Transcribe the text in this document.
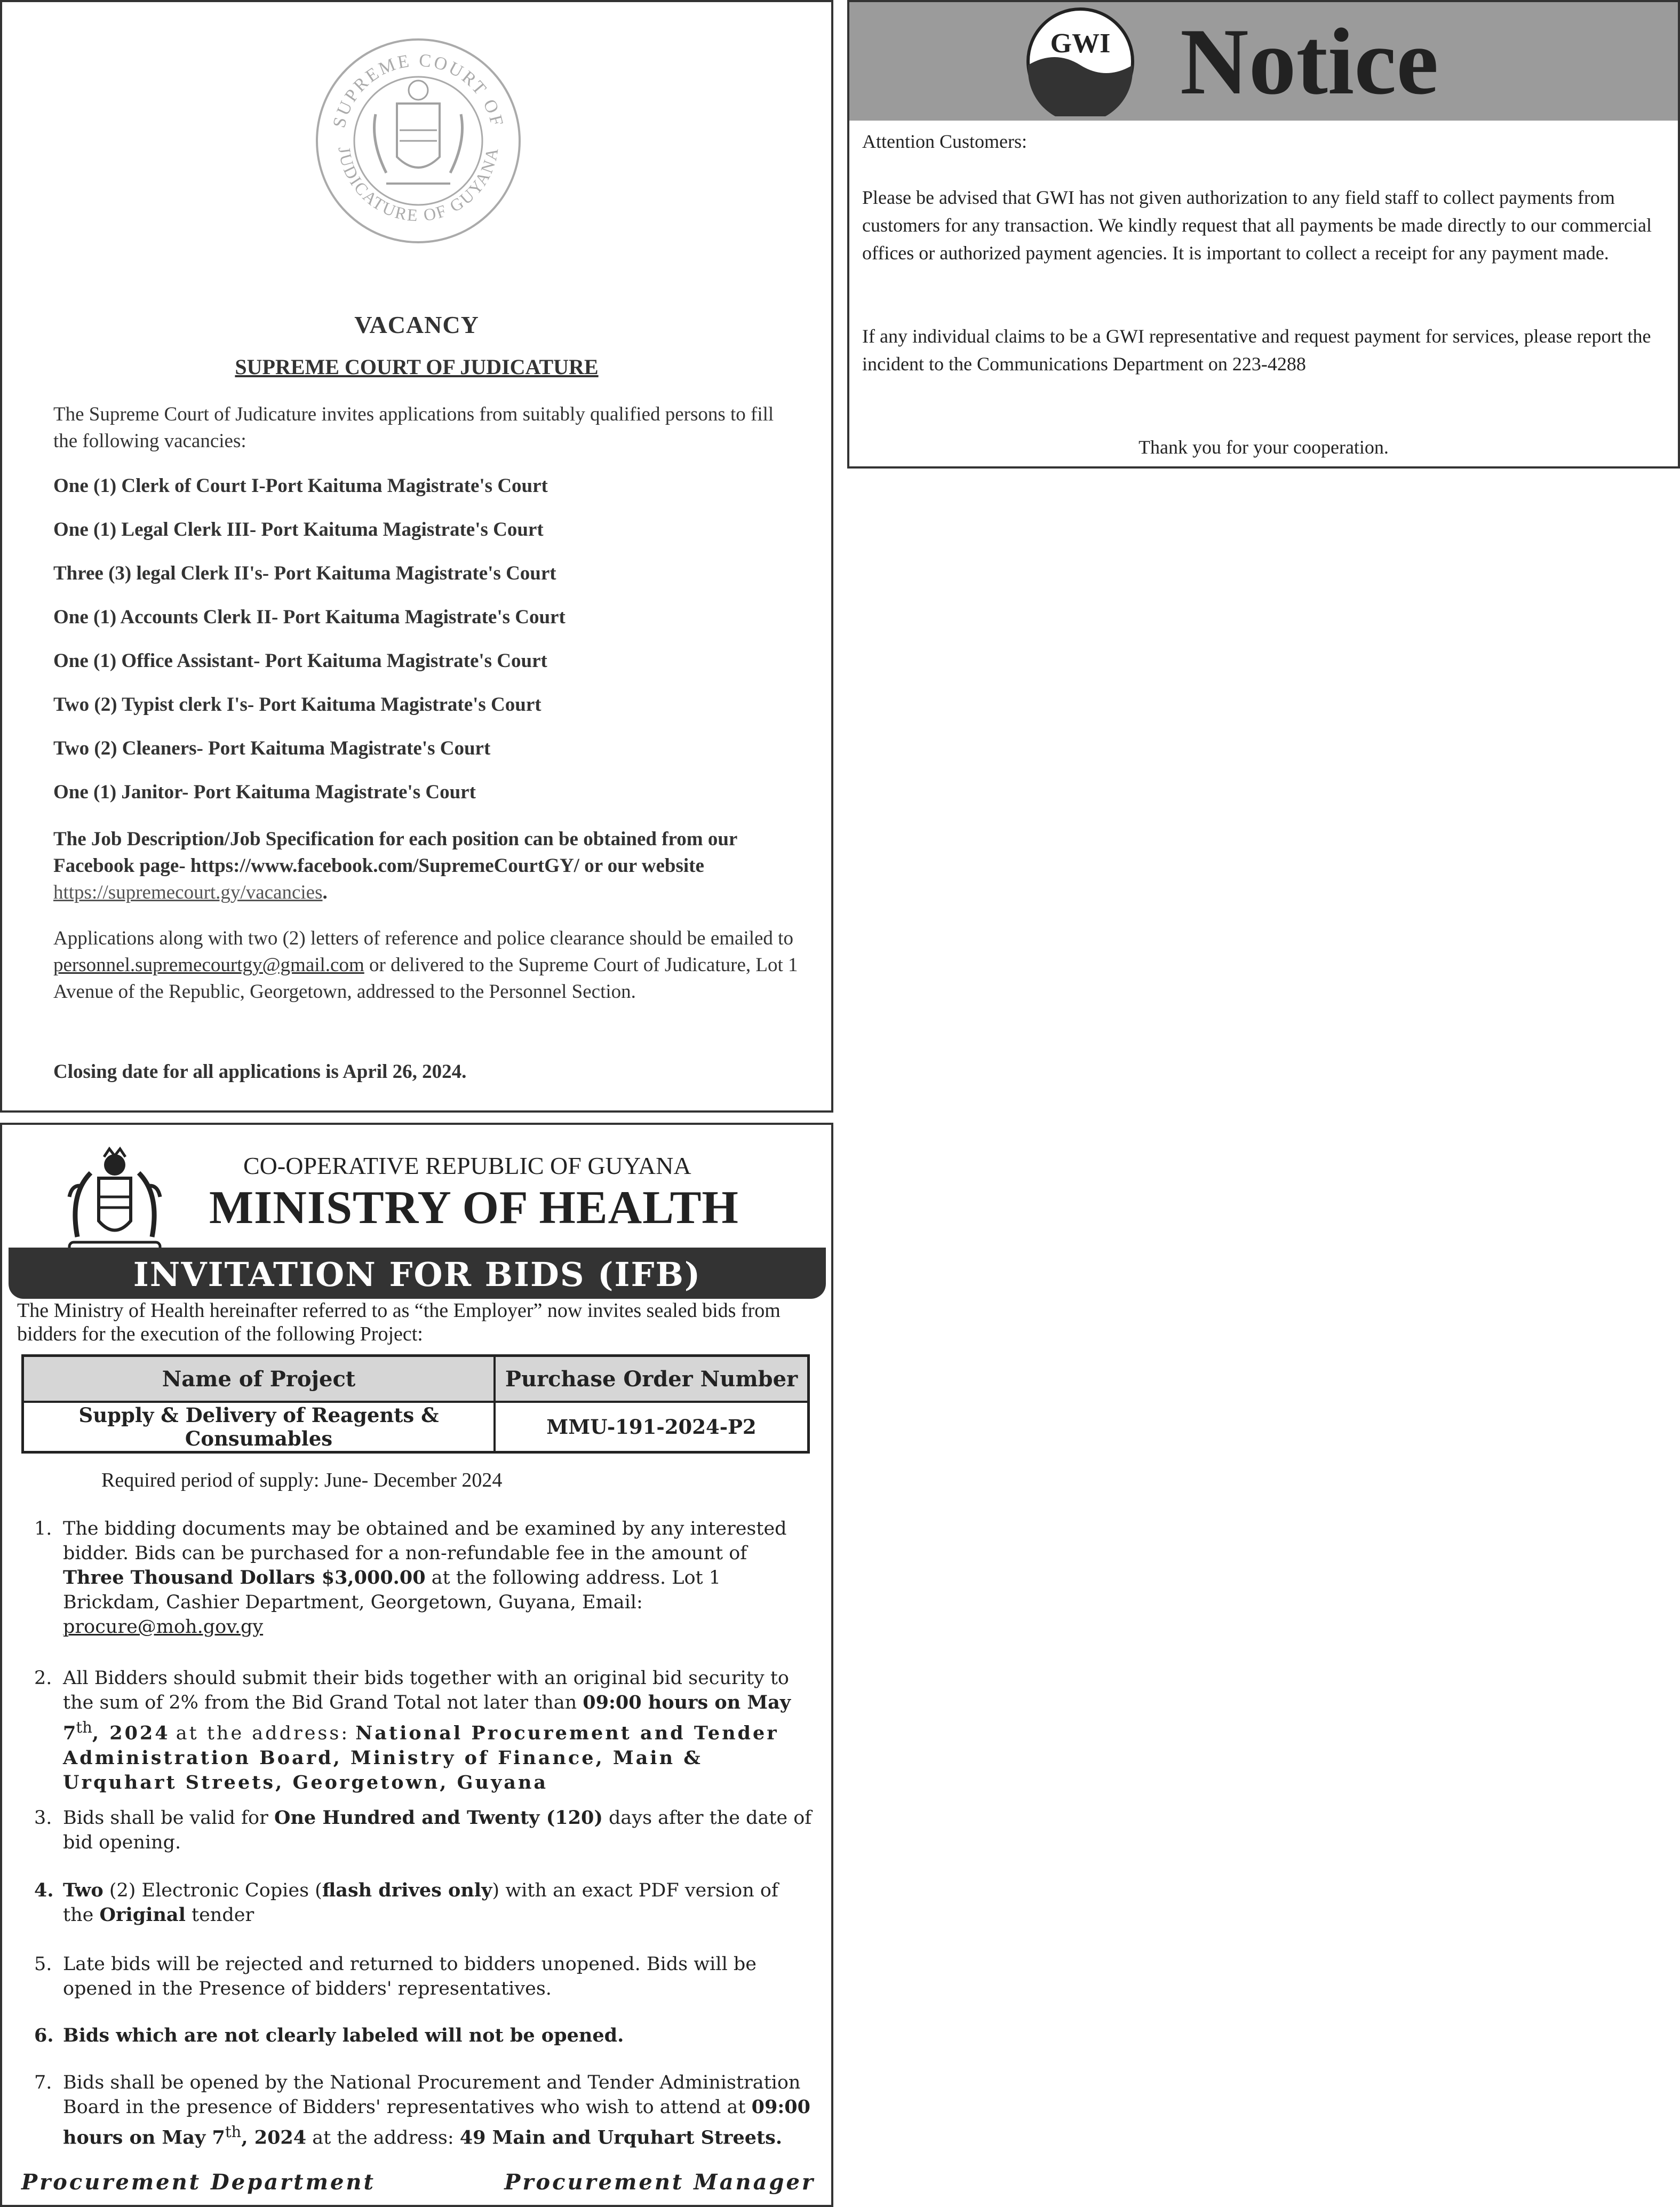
SUPREME COURT OF
JUDICATURE OF GUYANA
VACANCY
SUPREME COURT OF JUDICATURE
The Supreme Court of Judicature invites applications from suitably qualified persons to fill the following vacancies:
One (1) Clerk of Court I-Port Kaituma Magistrate's Court
One (1) Legal Clerk III- Port Kaituma Magistrate's Court
Three (3) legal Clerk II's- Port Kaituma Magistrate's Court
One (1) Accounts Clerk II- Port Kaituma Magistrate's Court
One (1) Office Assistant- Port Kaituma Magistrate's Court
Two (2) Typist clerk I's- Port Kaituma Magistrate's Court
Two (2) Cleaners- Port Kaituma Magistrate's Court
One (1) Janitor- Port Kaituma Magistrate's Court
The Job Description/Job Specification for each position can be obtained from our Facebook page- https://www.facebook.com/SupremeCourtGY/ or our website https://supremecourt.gy/vacancies.
Applications along with two (2) letters of reference and police clearance should be emailed to personnel.supremecourtgy@gmail.com or delivered to the Supreme Court of Judicature, Lot 1 Avenue of the Republic, Georgetown, addressed to the Personnel Section.
Closing date for all applications is April 26, 2024.
GWI Notice
Attention Customers:
Please be advised that GWI has not given authorization to any field staff to collect payments from customers for any transaction. We kindly request that all payments be made directly to our commercial offices or authorized payment agencies. It is important to collect a receipt for any payment made.
If any individual claims to be a GWI representative and request payment for services, please report the incident to the Communications Department on 223-4288
Thank you for your cooperation.
CO-OPERATIVE REPUBLIC OF GUYANA
MINISTRY OF HEALTH
INVITATION FOR BIDS (IFB)
The Ministry of Health hereinafter referred to as “the Employer” now invites sealed bids from bidders for the execution of the following Project:
Name of Project	Purchase Order Number
Supply & Delivery of Reagents & Consumables	MMU-191-2024-P2
Required period of supply: June- December 2024
1. The bidding documents may be obtained and be examined by any interested bidder. Bids can be purchased for a non-refundable fee in the amount of Three Thousand Dollars $3,000.00 at the following address. Lot 1 Brickdam, Cashier Department, Georgetown, Guyana, Email: procure@moh.gov.gy
2. All Bidders should submit their bids together with an original bid security to the sum of 2% from the Bid Grand Total not later than 09:00 hours on May 7th, 2024 at the address: National Procurement and Tender Administration Board, Ministry of Finance, Main & Urquhart Streets, Georgetown, Guyana
3. Bids shall be valid for One Hundred and Twenty (120) days after the date of bid opening.
4. Two (2) Electronic Copies (flash drives only) with an exact PDF version of the Original tender
5. Late bids will be rejected and returned to bidders unopened. Bids will be opened in the Presence of bidders' representatives.
6. Bids which are not clearly labeled will not be opened.
7. Bids shall be opened by the National Procurement and Tender Administration Board in the presence of Bidders' representatives who wish to attend at 09:00 hours on May 7th, 2024 at the address: 49 Main and Urquhart Streets.
Procurement Department	Procurement Manager
